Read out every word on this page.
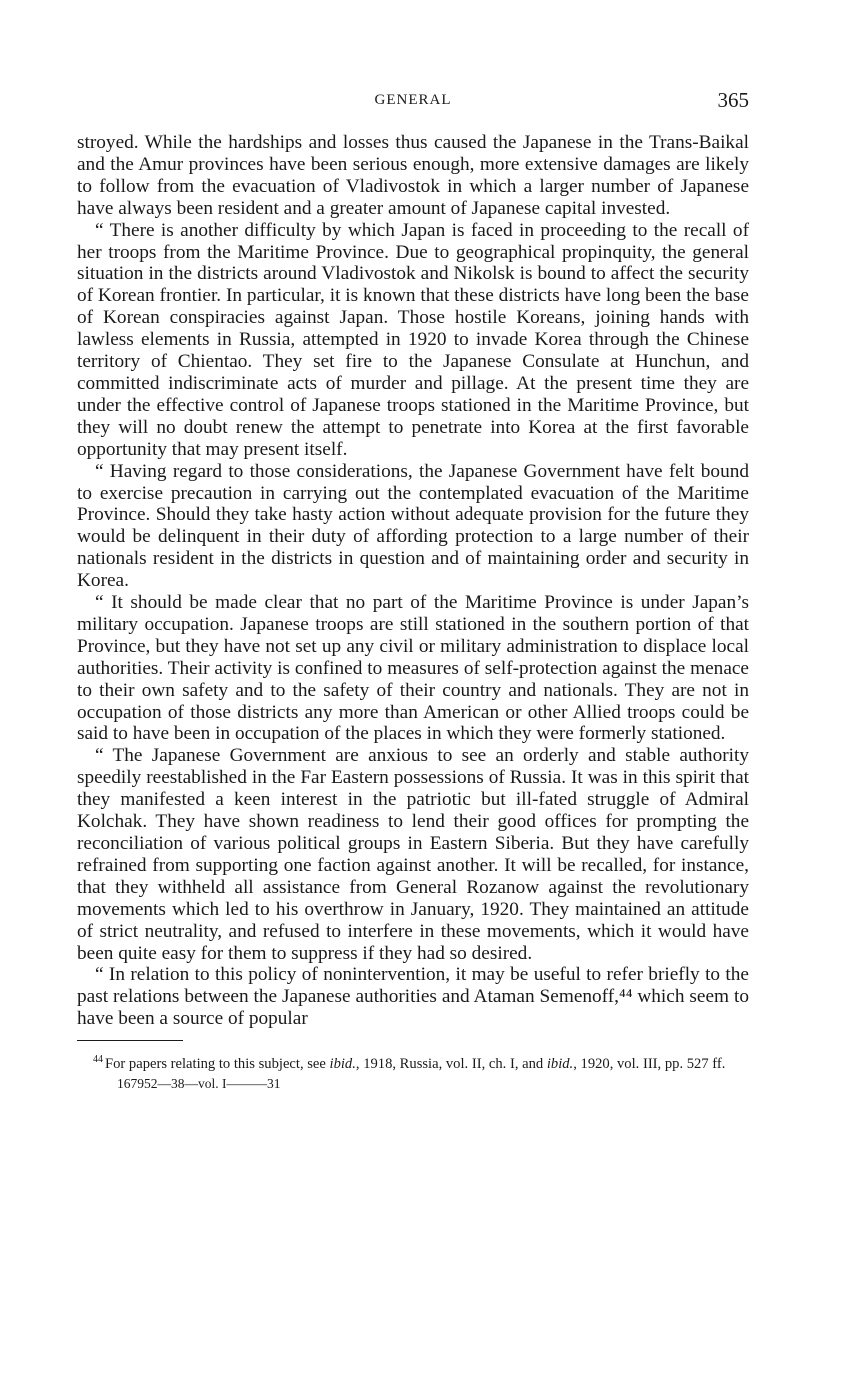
GENERAL	365

stroyed. While the hardships and losses thus caused the Japanese in the Trans-Baikal and the Amur provinces have been serious enough, more extensive damages are likely to follow from the evacuation of Vladivostok in which a larger number of Japanese have always been resident and a greater amount of Japanese capital invested.

“ There is another difficulty by which Japan is faced in proceeding to the recall of her troops from the Maritime Province. Due to geographical propinquity, the general situation in the districts around Vladivostok and Nikolsk is bound to affect the security of Korean frontier. In particular, it is known that these districts have long been the base of Korean conspiracies against Japan. Those hostile Koreans, joining hands with lawless elements in Russia, attempted in 1920 to invade Korea through the Chinese territory of Chientao. They set fire to the Japanese Consulate at Hunchun, and committed indiscriminate acts of murder and pillage. At the present time they are under the effective control of Japanese troops stationed in the Maritime Province, but they will no doubt renew the attempt to penetrate into Korea at the first favorable opportunity that may present itself.

“ Having regard to those considerations, the Japanese Government have felt bound to exercise precaution in carrying out the contemplated evacuation of the Maritime Province. Should they take hasty action without adequate provision for the future they would be delinquent in their duty of affording protection to a large number of their nationals resident in the districts in question and of maintaining order and security in Korea.

“ It should be made clear that no part of the Maritime Province is under Japan’s military occupation. Japanese troops are still stationed in the southern portion of that Province, but they have not set up any civil or military administration to displace local authorities. Their activity is confined to measures of self-protection against the menace to their own safety and to the safety of their country and nationals. They are not in occupation of those districts any more than American or other Allied troops could be said to have been in occupation of the places in which they were formerly stationed.

“ The Japanese Government are anxious to see an orderly and stable authority speedily reestablished in the Far Eastern possessions of Russia. It was in this spirit that they manifested a keen interest in the patriotic but ill-fated struggle of Admiral Kolchak. They have shown readiness to lend their good offices for prompting the reconciliation of various political groups in Eastern Siberia. But they have carefully refrained from supporting one faction against another. It will be recalled, for instance, that they withheld all assistance from General Rozanow against the revolutionary movements which led to his overthrow in January, 1920. They maintained an attitude of strict neutrality, and refused to interfere in these movements, which it would have been quite easy for them to suppress if they had so desired.

“ In relation to this policy of nonintervention, it may be useful to refer briefly to the past relations between the Japanese authorities and Ataman Semenoff,⁴⁴ which seem to have been a source of popular

$^{44}$ For papers relating to this subject, see ibid., 1918, Russia, vol. II, ch. I, and ibid., 1920, vol. III, pp. 527 ff.

167952—38—vol. I———31
